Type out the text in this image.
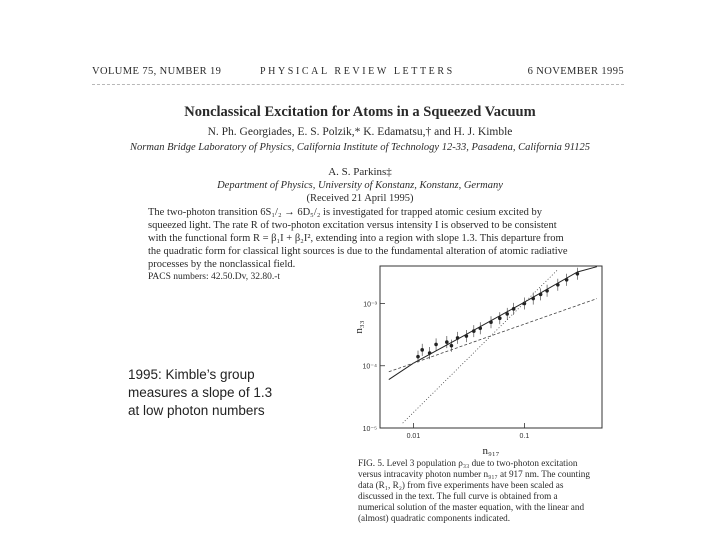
VOLUME 75, NUMBER 19	PHYSICAL REVIEW LETTERS	6 NOVEMBER 1995
Nonclassical Excitation for Atoms in a Squeezed Vacuum
N. Ph. Georgiades, E. S. Polzik,* K. Edamatsu,† and H. J. Kimble
Norman Bridge Laboratory of Physics, California Institute of Technology 12-33, Pasadena, California 91125
A. S. Parkins‡
Department of Physics, University of Konstanz, Konstanz, Germany
(Received 21 April 1995)
The two-photon transition 6S₁/₂ → 6D₅/₂ is investigated for trapped atomic cesium excited by
squeezed light. The rate R of two-photon excitation versus intensity I is observed to be consistent
with the functional form R = β₁I + β₂I², extending into a region with slope 1.3. This departure from
the quadratic form for classical light sources is due to the fundamental alteration of atomic radiative
processes by the nonclassical field.
PACS numbers: 42.50.Dv, 32.80.-t
1995: Kimble’s group
measures a slope of 1.3
at low photon numbers
0.01	0.1
10⁻⁵
10⁻⁴
10⁻³
n₉₁₇
n₃₃
FIG. 5. Level 3 population ρ₃₃ due to two-photon excitation
versus intracavity photon number n₉₁₇ at 917 nm. The counting
data (R₁, R₂) from five experiments have been scaled as
discussed in the text. The full curve is obtained from a
numerical solution of the master equation, with the linear and
(almost) quadratic components indicated.
